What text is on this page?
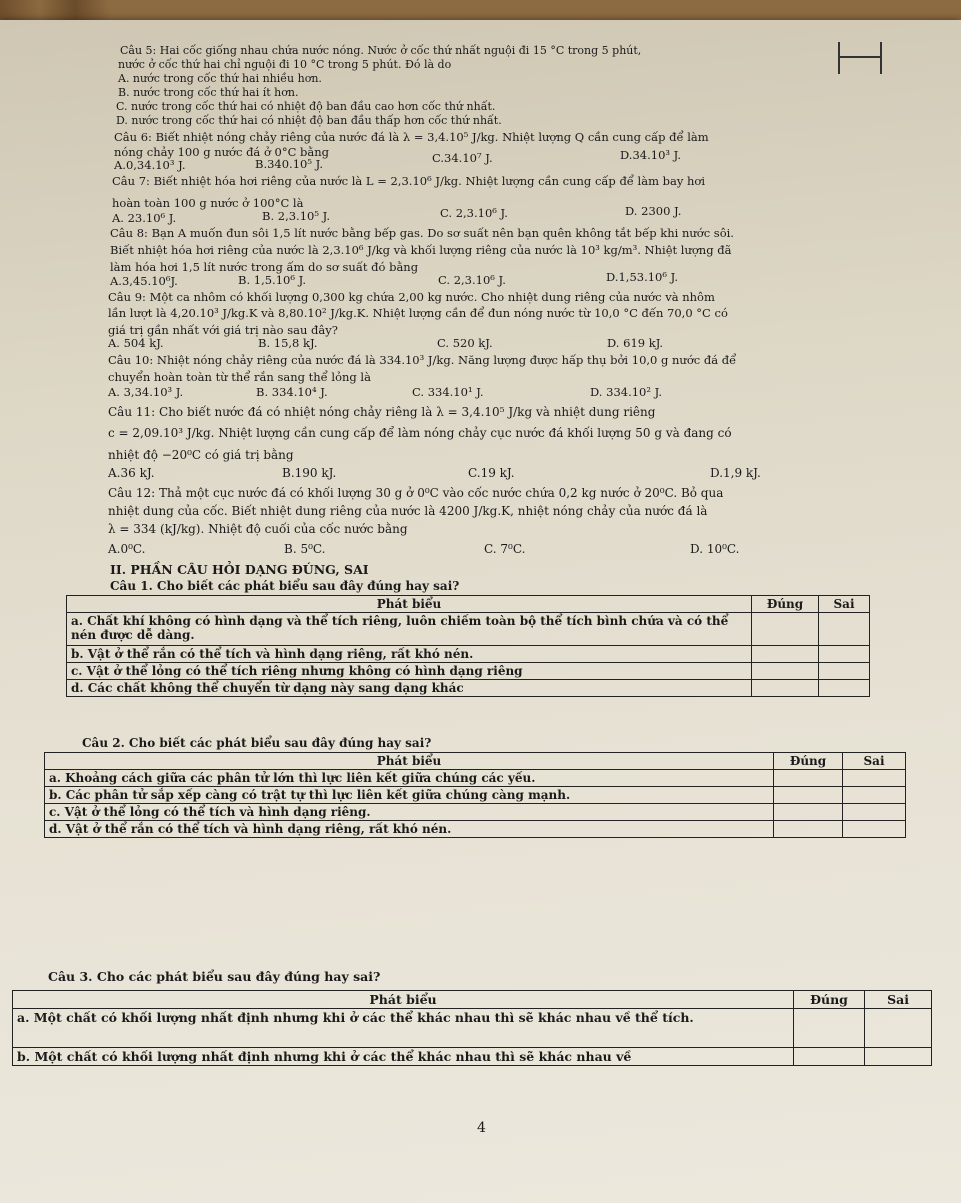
Câu 5: Hai cốc giống nhau chứa nước nóng. Nước ở cốc thứ nhất nguội đi 15 °C trong 5 phút,
nước ở cốc thứ hai chỉ nguội đi 10 °C trong 5 phút. Đó là do
A. nước trong cốc thứ hai nhiều hơn.
B. nước trong cốc thứ hai ít hơn.
C. nước trong cốc thứ hai có nhiệt độ ban đầu cao hơn cốc thứ nhất.
D. nước trong cốc thứ hai có nhiệt độ ban đầu thấp hơn cốc thứ nhất.
Câu 6: Biết nhiệt nóng chảy riêng của nước đá là λ = 3,4.10⁵ J/kg. Nhiệt lượng Q cần cung cấp để làm
nóng chảy 100 g nước đá ở 0°C bằng
A.0,34.10³ J.	B.340.10⁵ J.	C.34.10⁷ J.	D.34.10³ J.
Câu 7: Biết nhiệt hóa hơi riêng của nước là L = 2,3.10⁶ J/kg. Nhiệt lượng cần cung cấp để làm bay hơi
hoàn toàn 100 g nước ở 100°C là
A. 23.10⁶ J.	B. 2,3.10⁵ J.	C. 2,3.10⁶ J.	D. 2300 J.
Câu 8: Bạn A muốn đun sôi 1,5 lít nước bằng bếp gas. Do sơ suất nên bạn quên không tắt bếp khi nước sôi.
Biết nhiệt hóa hơi riêng của nước là 2,3.10⁶ J/kg và khối lượng riêng của nước là 10³ kg/m³. Nhiệt lượng đã
làm hóa hơi 1,5 lít nước trong ấm do sơ suất đó bằng
A.3,45.10⁶J.	B. 1,5.10⁶ J.	C. 2,3.10⁶ J.	D.1,53.10⁶ J.
Câu 9: Một ca nhôm có khối lượng 0,300 kg chứa 2,00 kg nước. Cho nhiệt dung riêng của nước và nhôm
lần lượt là 4,20.10³ J/kg.K và 8,80.10² J/kg.K. Nhiệt lượng cần để đun nóng nước từ 10,0 °C đến 70,0 °C có
giá trị gần nhất với giá trị nào sau đây?
A. 504 kJ.	B. 15,8 kJ.	C. 520 kJ.	D. 619 kJ.
Câu 10: Nhiệt nóng chảy riêng của nước đá là 334.10³ J/kg. Năng lượng được hấp thụ bởi 10,0 g nước đá để
chuyển hoàn toàn từ thể rắn sang thể lỏng là
A. 3,34.10³ J.	B. 334.10⁴ J.	C. 334.10¹ J.	D. 334.10² J.
Câu 11: Cho biết nước đá có nhiệt nóng chảy riêng là λ = 3,4.10⁵ J/kg và nhiệt dung riêng
c = 2,09.10³ J/kg. Nhiệt lượng cần cung cấp để làm nóng chảy cục nước đá khối lượng 50 g và đang có
nhiệt độ −20⁰C có giá trị bằng
A.36 kJ.	B.190 kJ.	C.19 kJ.	D.1,9 kJ.
Câu 12: Thả một cục nước đá có khối lượng 30 g ở 0⁰C vào cốc nước chứa 0,2 kg nước ở 20⁰C. Bỏ qua
nhiệt dung của cốc. Biết nhiệt dung riêng của nước là 4200 J/kg.K, nhiệt nóng chảy của nước đá là
λ = 334 (kJ/kg). Nhiệt độ cuối của cốc nước bằng
A.0⁰C.	B. 5⁰C.	C. 7⁰C.	D. 10⁰C.
II. PHẦN CÂU HỎI DẠNG ĐÚNG, SAI
Câu 1. Cho biết các phát biểu sau đây đúng hay sai?
Phát biểu	Đúng	Sai
a. Chất khí không có hình dạng và thể tích riêng, luôn chiếm toàn bộ thể tích bình chứa và có thể nén được dễ dàng.		
b. Vật ở thể rắn có thể tích và hình dạng riêng, rất khó nén.		
c. Vật ở thể lỏng có thể tích riêng nhưng không có hình dạng riêng		
d. Các chất không thể chuyển từ dạng này sang dạng khác		
Câu 2. Cho biết các phát biểu sau đây đúng hay sai?
Phát biểu	Đúng	Sai
a. Khoảng cách giữa các phân tử lớn thì lực liên kết giữa chúng các yếu.		
b. Các phân tử sắp xếp càng có trật tự thì lực liên kết giữa chúng càng mạnh.		
c. Vật ở thể lỏng có thể tích và hình dạng riêng.		
d. Vật ở thể rắn có thể tích và hình dạng riêng, rất khó nén.		
Câu 3. Cho các phát biểu sau đây đúng hay sai?
Phát biểu	Đúng	Sai
a. Một chất có khối lượng nhất định nhưng khi ở các thể khác nhau thì sẽ khác nhau về thể tích.		
b. Một chất có khối lượng nhất định nhưng khi ở các thể khác nhau thì sẽ khác nhau về		
4
